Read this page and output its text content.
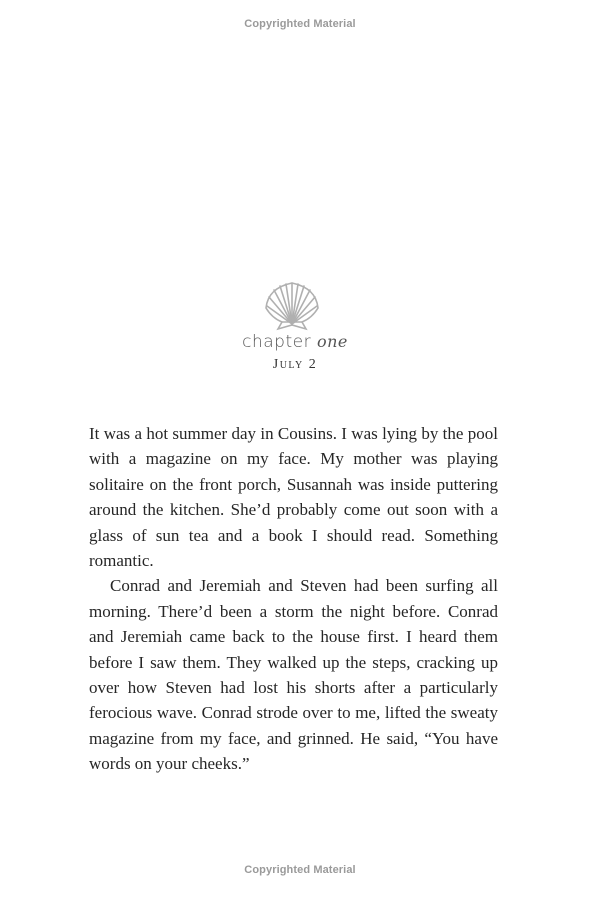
Copyrighted Material
chapter one
July 2

It was a hot summer day in Cousins. I was lying by the pool with a magazine on my face. My mother was playing solitaire on the front porch, Susannah was inside puttering around the kitchen. She’d probably come out soon with a glass of sun tea and a book I should read. Something romantic.

Conrad and Jeremiah and Steven had been surfing all morning. There’d been a storm the night before. Conrad and Jeremiah came back to the house first. I heard them before I saw them. They walked up the steps, cracking up over how Steven had lost his shorts after a particularly ferocious wave. Conrad strode over to me, lifted the sweaty magazine from my face, and grinned. He said, “You have words on your cheeks.”

Copyrighted Material
